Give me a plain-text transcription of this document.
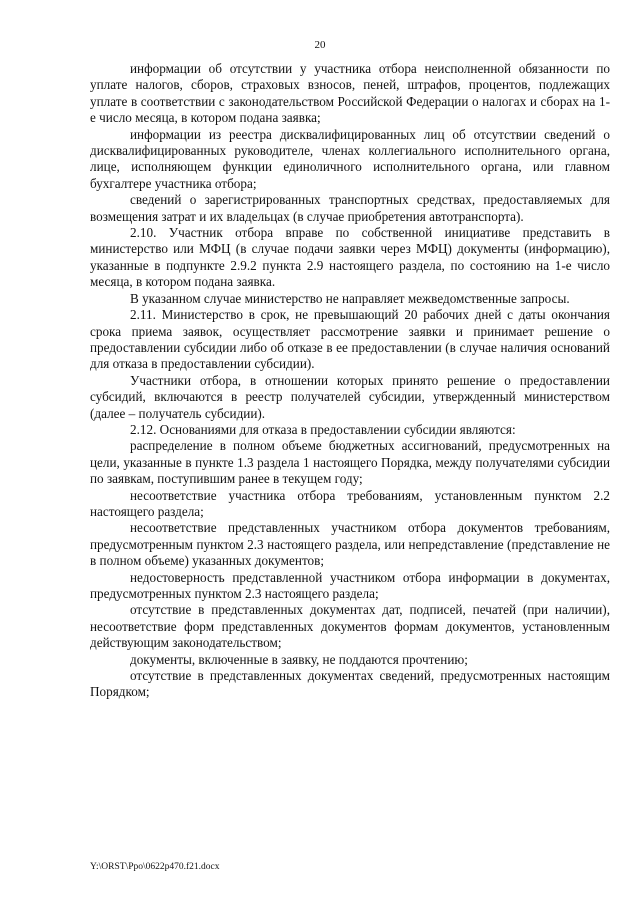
20

информации об отсутствии у участника отбора неисполненной обязанности по уплате налогов, сборов, страховых взносов, пеней, штрафов, процентов, подлежащих уплате в соответствии с законодательством Российской Федерации о налогах и сборах на 1-е число месяца, в котором подана заявка;

информации из реестра дисквалифицированных лиц об отсутствии сведений о дисквалифицированных руководителе, членах коллегиального исполнительного органа, лице, исполняющем функции единоличного исполнительного органа, или главном бухгалтере участника отбора;

сведений о зарегистрированных транспортных средствах, предоставляемых для возмещения затрат и их владельцах (в случае приобретения автотранспорта).

2.10. Участник отбора вправе по собственной инициативе представить в министерство или МФЦ (в случае подачи заявки через МФЦ) документы (информацию), указанные в подпункте 2.9.2 пункта 2.9 настоящего раздела, по состоянию на 1-е число месяца, в котором подана заявка.

В указанном случае министерство не направляет межведомственные запросы.

2.11. Министерство в срок, не превышающий 20 рабочих дней с даты окончания срока приема заявок, осуществляет рассмотрение заявки и принимает решение о предоставлении субсидии либо об отказе в ее предоставлении (в случае наличия оснований для отказа в предоставлении субсидии).

Участники отбора, в отношении которых принято решение о предоставлении субсидий, включаются в реестр получателей субсидии, утвержденный министерством (далее – получатель субсидии).

2.12. Основаниями для отказа в предоставлении субсидии являются:

распределение в полном объеме бюджетных ассигнований, предусмотренных на цели, указанные в пункте 1.3 раздела 1 настоящего Порядка, между получателями субсидии по заявкам, поступившим ранее в текущем году;

несоответствие участника отбора требованиям, установленным пунктом 2.2 настоящего раздела;

несоответствие представленных участником отбора документов требованиям, предусмотренным пунктом 2.3 настоящего раздела, или непредставление (представление не в полном объеме) указанных документов;

недостоверность представленной участником отбора информации в документах, предусмотренных пунктом 2.3 настоящего раздела;

отсутствие в представленных документах дат, подписей, печатей (при наличии), несоответствие форм представленных документов формам документов, установленным действующим законодательством;

документы, включенные в заявку, не поддаются прочтению;

отсутствие в представленных документах сведений, предусмотренных настоящим Порядком;

Y:\ORST\Ppo\0622p470.f21.docx
